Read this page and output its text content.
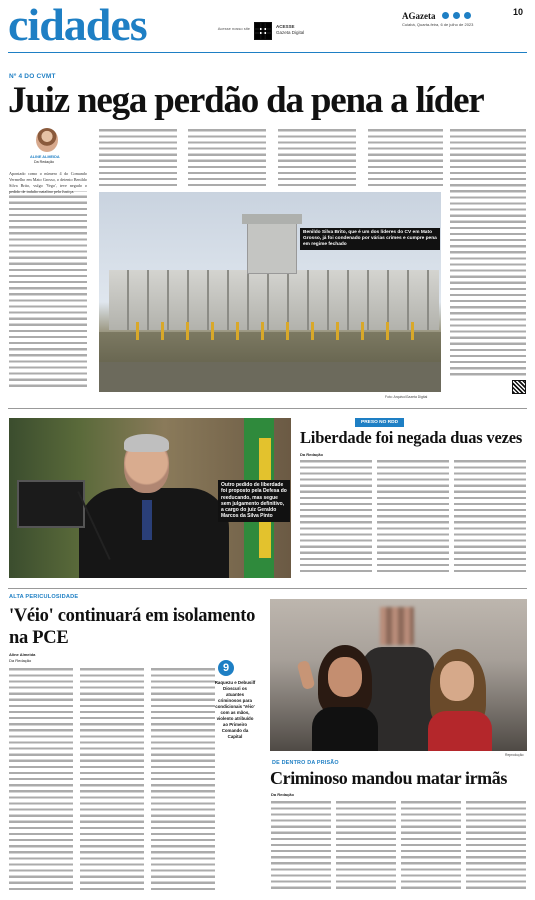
cidades	Acesse nosso site
Gazeta Digital
ACESSE
AGazeta	10
Cuiabá, Quarta-feira, 6 de julho de 2023
Nº 4 DO CVMT
Juiz nega perdão da pena a líder
ALINE ALMEIDA
Da Redação
Apontado como o número 4 do Comando Vermelho em Mato Grosso, o detento Benildo Silva Brito, vulgo 'Vego', teve negado o pedido de indulto natalino pela Justiça.
Benildo Silva Brito, que é um dos líderes do CV em Mato Grosso, já foi condenado por várias crimes e cumpre pena em regime fechado
Foto: Arquivo/Gazeta Digital
Outro pedido de liberdade foi proposto pela Defesa do reeducando, mas segue sem julgamento definitivo, a cargo do juiz Geraldo Marcos da Silva Pinto
PRESO NO RDD
Liberdade foi negada duas vezes
Da Redação
ALTA PERICULOSIDADE
'Véio' continuará em isolamento na PCE
Aline Almeida
Da Redação
9
Raquezu e Debusilf Dioscuri os atuantes criminosos para condicionais 'Véio' com as mãos, violento atribuído ao Primeiro Comando da Capital
Reprodução
DE DENTRO DA PRISÃO
Criminoso mandou matar irmãs
Da Redação
